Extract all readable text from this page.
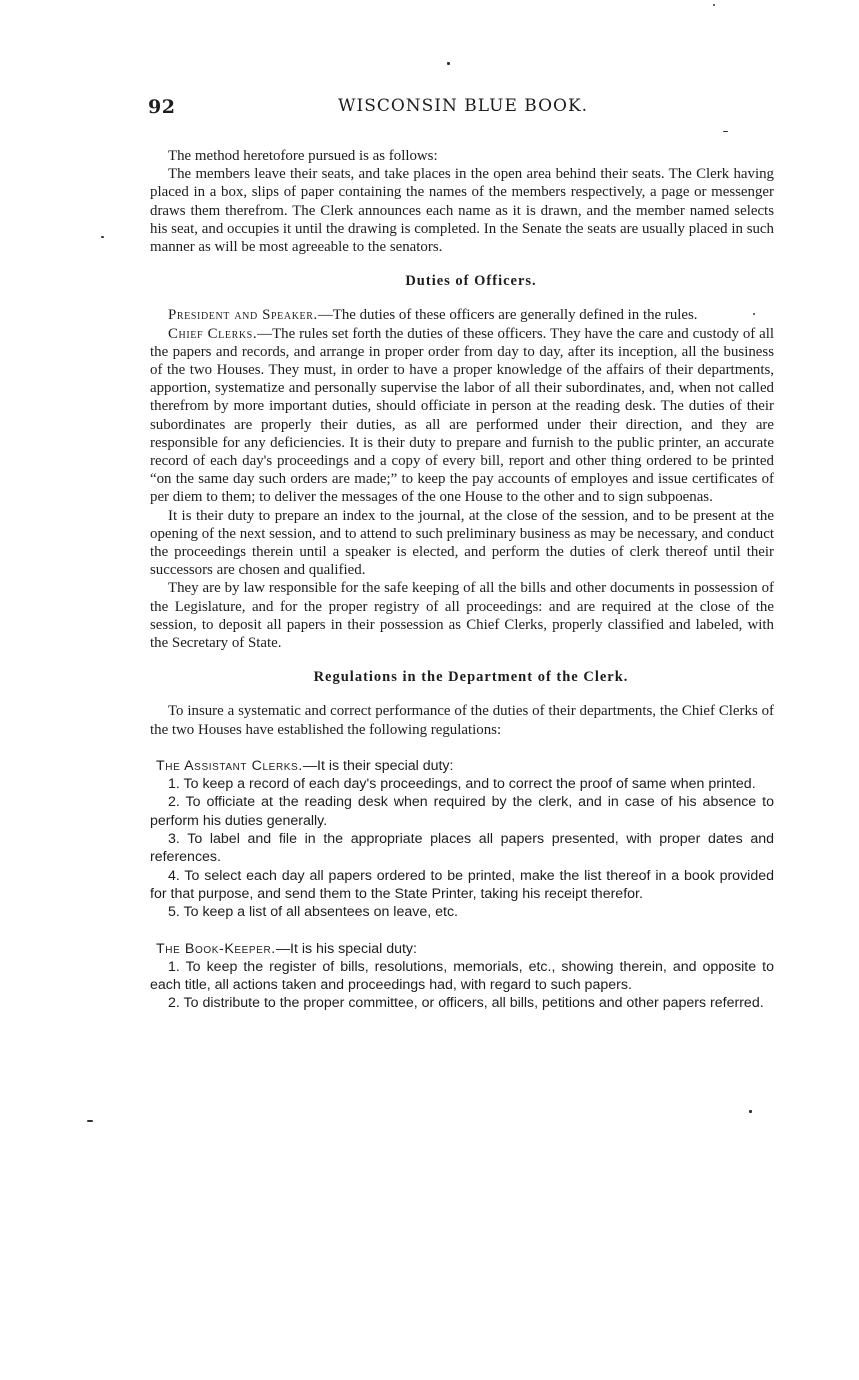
92	WISCONSIN BLUE BOOK.

The method heretofore pursued is as follows:

The members leave their seats, and take places in the open area behind their seats. The Clerk having placed in a box, slips of paper containing the names of the members respectively, a page or messenger draws them therefrom. The Clerk announces each name as it is drawn, and the member named selects his seat, and occupies it until the drawing is completed. In the Senate the seats are usually placed in such manner as will be most agreeable to the senators.

Duties of Officers.

President and Speaker.—The duties of these officers are generally defined in the rules.

Chief Clerks.—The rules set forth the duties of these officers. They have the care and custody of all the papers and records, and arrange in proper order from day to day, after its inception, all the business of the two Houses. They must, in order to have a proper knowledge of the affairs of their departments, apportion, systematize and personally supervise the labor of all their subordinates, and, when not called therefrom by more important duties, should officiate in person at the reading desk. The duties of their subordinates are properly their duties, as all are performed under their direction, and they are responsible for any deficiencies. It is their duty to prepare and furnish to the public printer, an accurate record of each day's proceedings and a copy of every bill, report and other thing ordered to be printed “on the same day such orders are made;” to keep the pay accounts of employes and issue certificates of per diem to them; to deliver the messages of the one House to the other and to sign subpoenas.

It is their duty to prepare an index to the journal, at the close of the session, and to be present at the opening of the next session, and to attend to such preliminary business as may be necessary, and conduct the proceedings therein until a speaker is elected, and perform the duties of clerk thereof until their successors are chosen and qualified.

They are by law responsible for the safe keeping of all the bills and other documents in possession of the Legislature, and for the proper registry of all proceedings: and are required at the close of the session, to deposit all papers in their possession as Chief Clerks, properly classified and labeled, with the Secretary of State.

Regulations in the Department of the Clerk.

To insure a systematic and correct performance of the duties of their departments, the Chief Clerks of the two Houses have established the following regulations:

The Assistant Clerks.—It is their special duty:

1. To keep a record of each day's proceedings, and to correct the proof of same when printed.

2. To officiate at the reading desk when required by the clerk, and in case of his absence to perform his duties generally.

3. To label and file in the appropriate places all papers presented, with proper dates and references.

4. To select each day all papers ordered to be printed, make the list thereof in a book provided for that purpose, and send them to the State Printer, taking his receipt therefor.

5. To keep a list of all absentees on leave, etc.

The Book-Keeper.—It is his special duty:

1. To keep the register of bills, resolutions, memorials, etc., showing therein, and opposite to each title, all actions taken and proceedings had, with regard to such papers.

2. To distribute to the proper committee, or officers, all bills, petitions and other papers referred.
